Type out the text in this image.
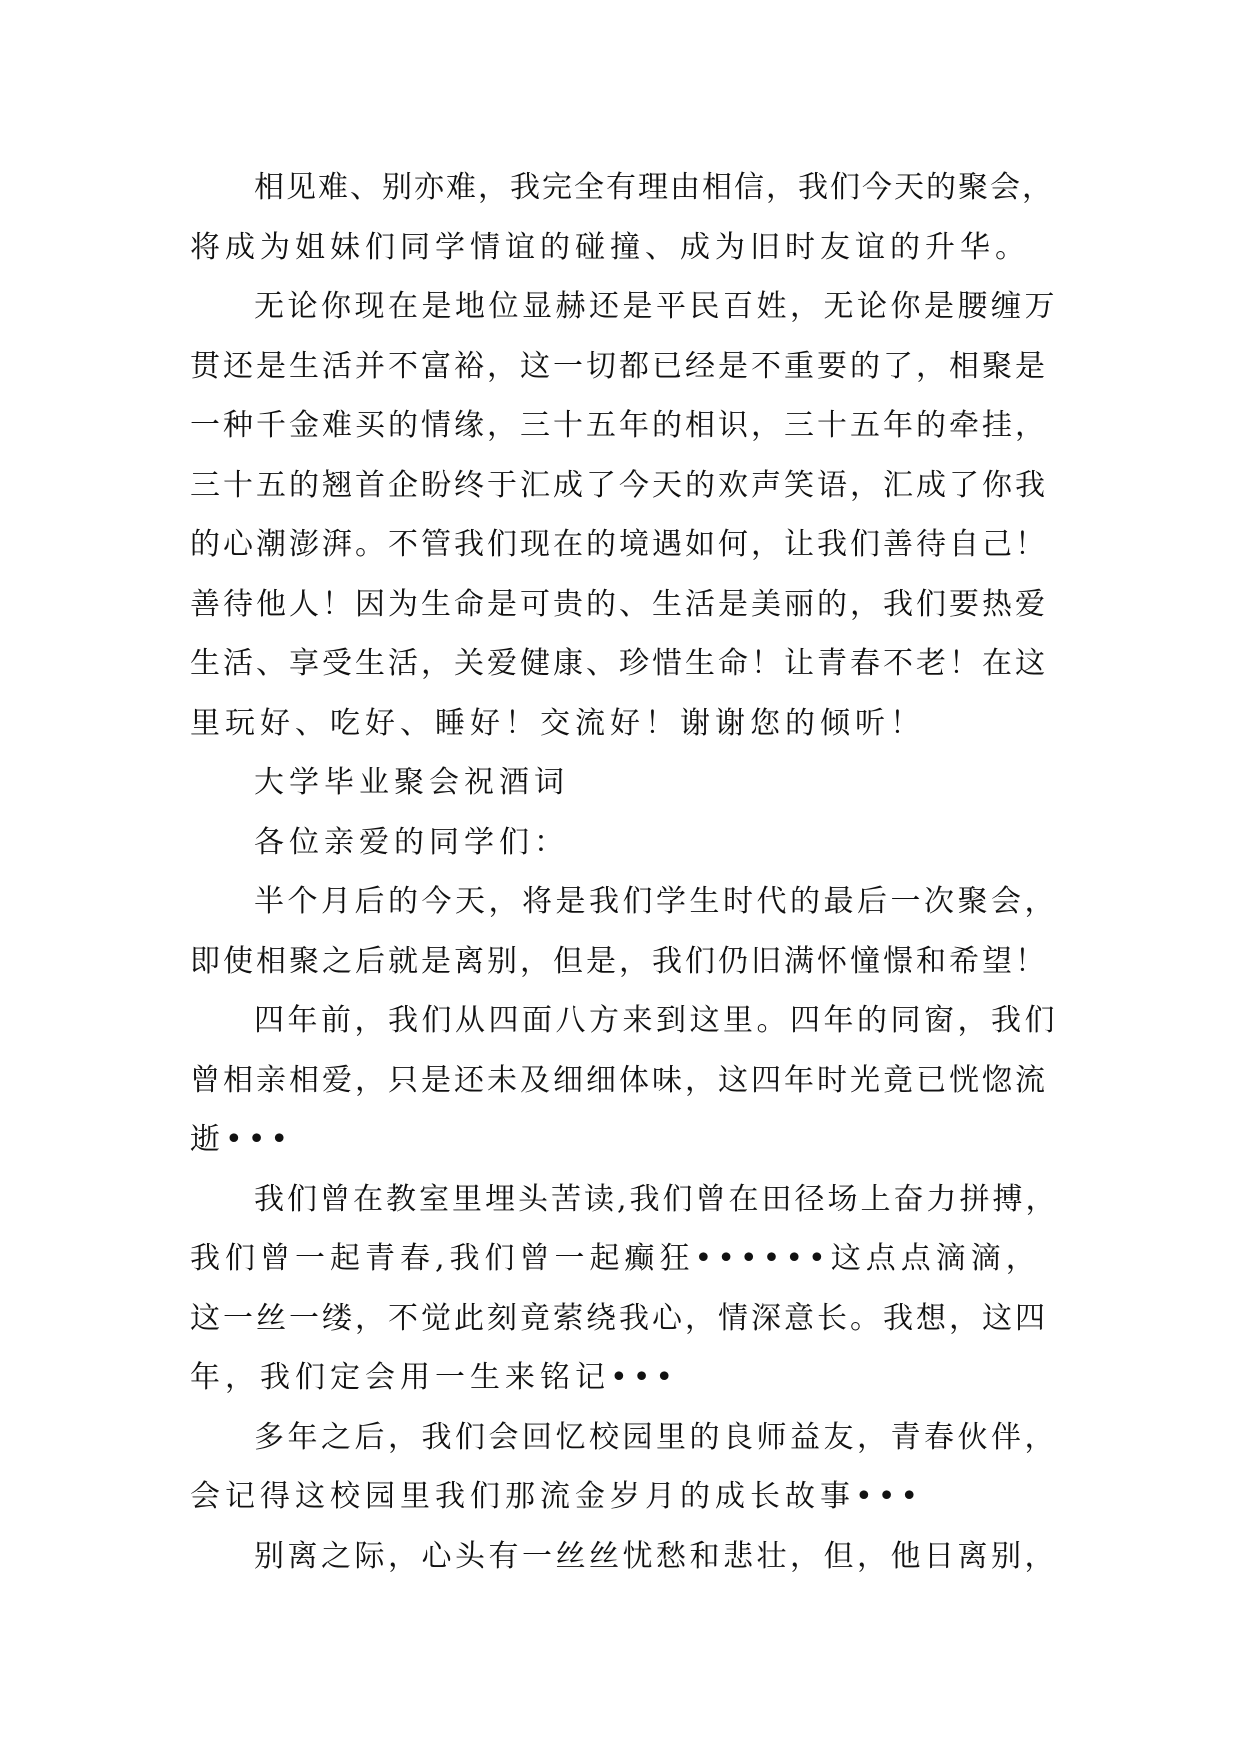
相见难、别亦难，我完全有理由相信，我们今天的聚会，
将成为姐妹们同学情谊的碰撞、成为旧时友谊的升华。
无论你现在是地位显赫还是平民百姓，无论你是腰缠万
贯还是生活并不富裕，这一切都已经是不重要的了，相聚是
一种千金难买的情缘，三十五年的相识，三十五年的牵挂，
三十五的翘首企盼终于汇成了今天的欢声笑语，汇成了你我
的心潮澎湃。不管我们现在的境遇如何，让我们善待自己！
善待他人！因为生命是可贵的、生活是美丽的，我们要热爱
生活、享受生活，关爱健康、珍惜生命！让青春不老！在这
里玩好、吃好、睡好！交流好！谢谢您的倾听！
大学毕业聚会祝酒词
各位亲爱的同学们：
半个月后的今天，将是我们学生时代的最后一次聚会，
即使相聚之后就是离别，但是，我们仍旧满怀憧憬和希望！
四年前，我们从四面八方来到这里。四年的同窗，我们
曾相亲相爱，只是还未及细细体味，这四年时光竟已恍惚流
逝•••
我们曾在教室里埋头苦读,我们曾在田径场上奋力拼搏，
我们曾一起青春,我们曾一起癫狂••••••这点点滴滴，
这一丝一缕，不觉此刻竟萦绕我心，情深意长。我想，这四
年，我们定会用一生来铭记•••
多年之后，我们会回忆校园里的良师益友，青春伙伴，
会记得这校园里我们那流金岁月的成长故事•••
别离之际，心头有一丝丝忧愁和悲壮，但，他日离别，
